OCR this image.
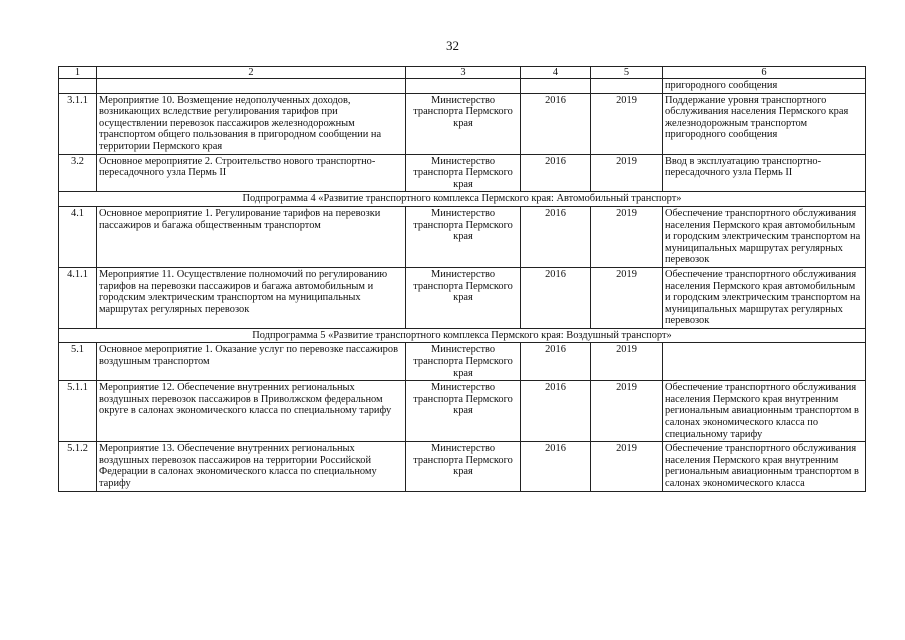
32
1	2	3	4	5	6
					пригородного сообщения
3.1.1	Мероприятие 10. Возмещение недополученных доходов, возникающих вследствие регулирования тарифов при осуществлении перевозок пассажиров железнодорожным транспортом общего пользования в пригородном сообщении на территории Пермского края	Министерство транспорта Пермского края	2016	2019	Поддержание уровня транспортного обслуживания населения Пермского края железнодорожным транспортом пригородного сообщения
3.2	Основное мероприятие 2. Строительство нового транспортно-пересадочного узла Пермь II	Министерство транспорта Пермского края	2016	2019	Ввод в эксплуатацию транспортно-пересадочного узла Пермь II
Подпрограмма 4 «Развитие транспортного комплекса Пермского края: Автомобильный транспорт»					
4.1	Основное мероприятие 1. Регулирование тарифов на перевозки пассажиров и багажа общественным транспортом	Министерство транспорта Пермского края	2016	2019	Обеспечение транспортного обслуживания населения Пермского края автомобильным и городским электрическим транспортом на муниципальных маршрутах регулярных перевозок
4.1.1	Мероприятие 11. Осуществление полномочий по регулированию тарифов на перевозки пассажиров и багажа автомобильным и городским электрическим транспортом на муниципальных маршрутах регулярных перевозок	Министерство транспорта Пермского края	2016	2019	Обеспечение транспортного обслуживания населения Пермского края автомобильным и городским электрическим транспортом на муниципальных маршрутах регулярных перевозок
Подпрограмма 5 «Развитие транспортного комплекса Пермского края: Воздушный транспорт»					
5.1	Основное мероприятие 1. Оказание услуг по перевозке пассажиров воздушным транспортом	Министерство транспорта Пермского края	2016	2019	
5.1.1	Мероприятие 12. Обеспечение внутренних региональных воздушных перевозок пассажиров в Приволжском федеральном округе в салонах экономического класса по специальному тарифу	Министерство транспорта Пермского края	2016	2019	Обеспечение транспортного обслуживания населения Пермского края внутренним региональным авиационным транспортом в салонах экономического класса по специальному тарифу
5.1.2	Мероприятие 13. Обеспечение внутренних региональных воздушных перевозок пассажиров на территории Российской Федерации в салонах экономического класса по специальному тарифу	Министерство транспорта Пермского края	2016	2019	Обеспечение транспортного обслуживания населения Пермского края внутренним региональным авиационным транспортом в салонах экономического класса
